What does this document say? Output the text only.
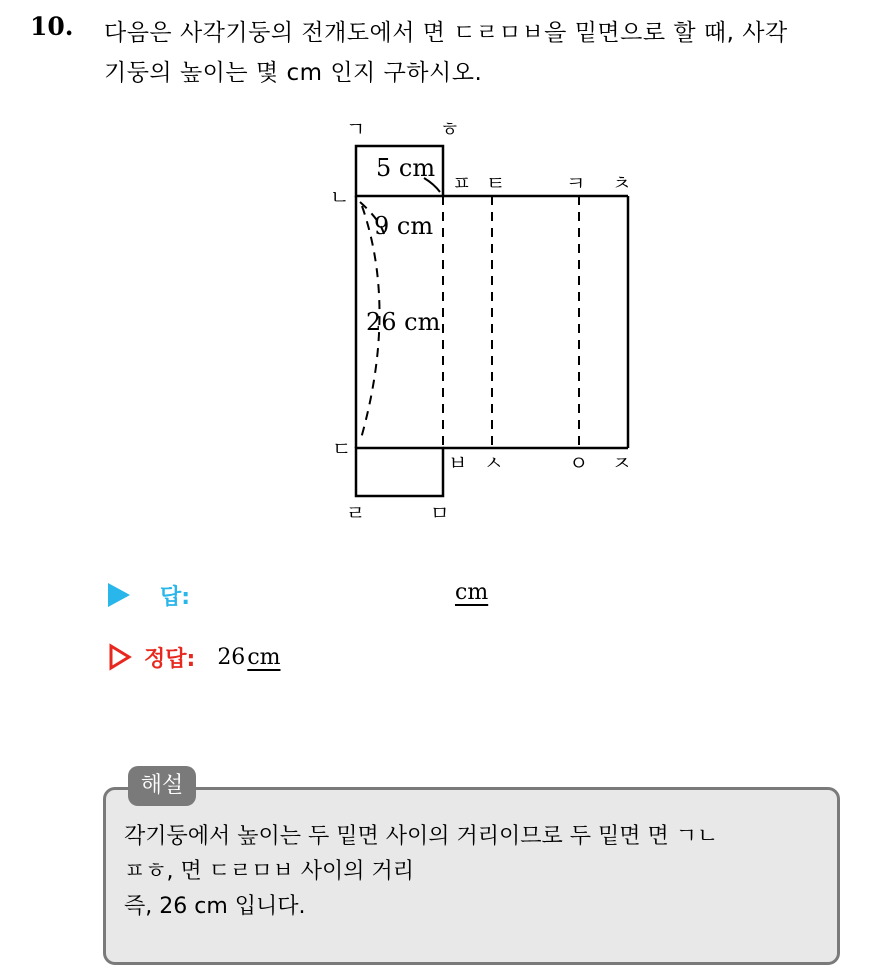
10. 다음은 사각기둥의 전개도에서 면 ㄷㄹㅁㅂ을 밑면으로 할 때, 사각
기둥의 높이는 몇 cm 인지 구하시오.
ㄱ	ㅎ
ㄴ
ㅍ ㅌ	ㅋ ㅊ
ㄷ
ㅂ ㅅ	ㅇ ㅈ
ㄹ	ㅁ
5 cm
9 cm
26 cm
답:	cm
정답: 26 cm
해설
각기둥에서 높이는 두 밑면 사이의 거리이므로 두 밑면 면 ㄱㄴ
ㅍㅎ, 면 ㄷㄹㅁㅂ 사이의 거리
즉, 26 cm 입니다.
